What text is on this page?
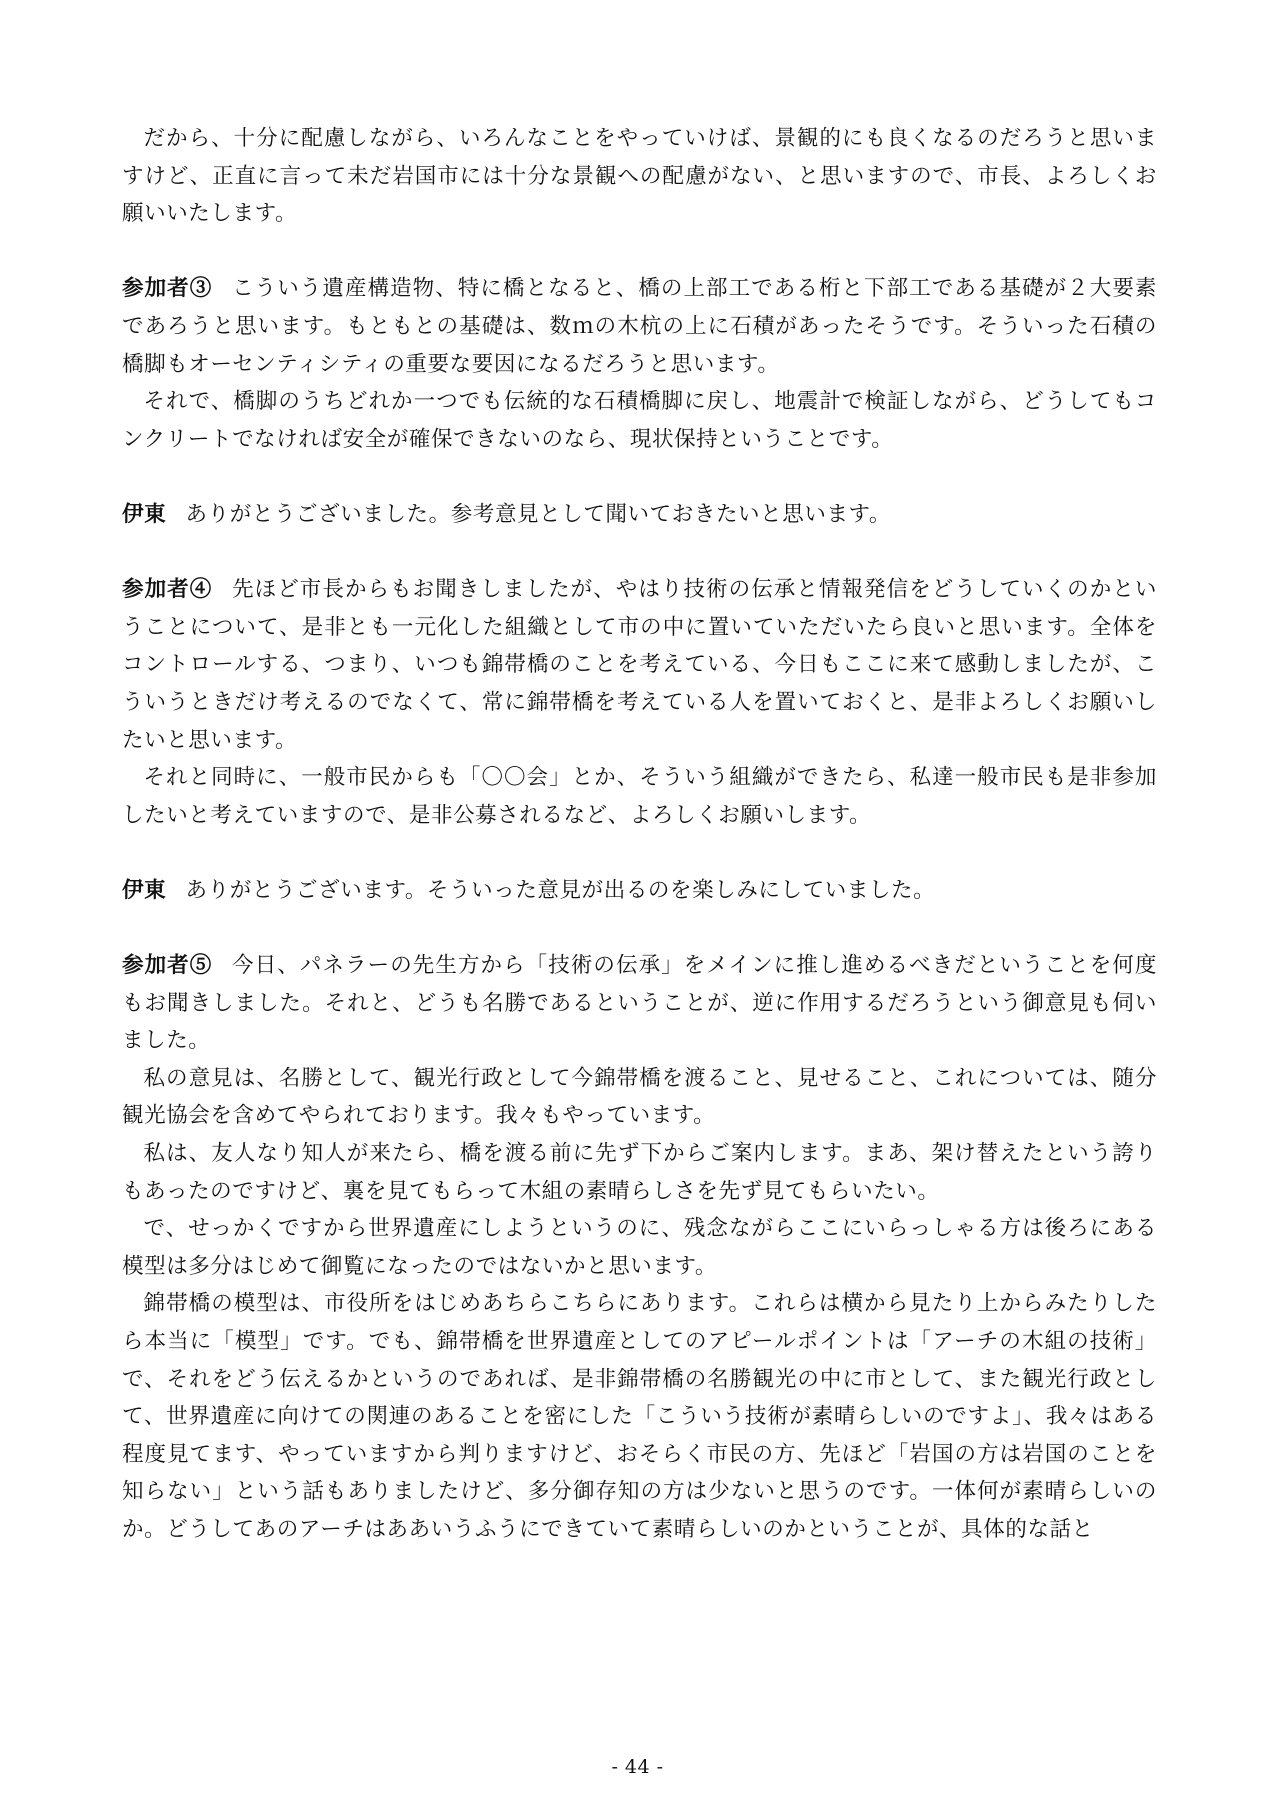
だから、十分に配慮しながら、いろんなことをやっていけば、景観的にも良くなるのだろうと思いますけど、正直に言って未だ岩国市には十分な景観への配慮がない、と思いますので、市長、よろしくお願いいたします。

参加者③ こういう遺産構造物、特に橋となると、橋の上部工である桁と下部工である基礎が２大要素であろうと思います。もともとの基礎は、数ｍの木杭の上に石積があったそうです。そういった石積の橋脚もオーセンティシティの重要な要因になるだろうと思います。

それで、橋脚のうちどれか一つでも伝統的な石積橋脚に戻し、地震計で検証しながら、どうしてもコンクリートでなければ安全が確保できないのなら、現状保持ということです。

伊東 ありがとうございました。参考意見として聞いておきたいと思います。

参加者④ 先ほど市長からもお聞きしましたが、やはり技術の伝承と情報発信をどうしていくのかということについて、是非とも一元化した組織として市の中に置いていただいたら良いと思います。全体をコントロールする、つまり、いつも錦帯橋のことを考えている、今日もここに来て感動しましたが、こういうときだけ考えるのでなくて、常に錦帯橋を考えている人を置いておくと、是非よろしくお願いしたいと思います。

それと同時に、一般市民からも「〇〇会」とか、そういう組織ができたら、私達一般市民も是非参加したいと考えていますので、是非公募されるなど、よろしくお願いします。

伊東 ありがとうございます。そういった意見が出るのを楽しみにしていました。

参加者⑤ 今日、パネラーの先生方から「技術の伝承」をメインに推し進めるべきだということを何度もお聞きしました。それと、どうも名勝であるということが、逆に作用するだろうという御意見も伺いました。

私の意見は、名勝として、観光行政として今錦帯橋を渡ること、見せること、これについては、随分観光協会を含めてやられております。我々もやっています。

私は、友人なり知人が来たら、橋を渡る前に先ず下からご案内します。まあ、架け替えたという誇りもあったのですけど、裏を見てもらって木組の素晴らしさを先ず見てもらいたい。

で、せっかくですから世界遺産にしようというのに、残念ながらここにいらっしゃる方は後ろにある模型は多分はじめて御覧になったのではないかと思います。

錦帯橋の模型は、市役所をはじめあちらこちらにあります。これらは横から見たり上からみたりしたら本当に「模型」です。でも、錦帯橋を世界遺産としてのアピールポイントは「アーチの木組の技術」で、それをどう伝えるかというのであれば、是非錦帯橋の名勝観光の中に市として、また観光行政として、世界遺産に向けての関連のあることを密にした「こういう技術が素晴らしいのですよ」、我々はある程度見てます、やっていますから判りますけど、おそらく市民の方、先ほど「岩国の方は岩国のことを知らない」という話もありましたけど、多分御存知の方は少ないと思うのです。一体何が素晴らしいのか。どうしてあのアーチはああいうふうにできていて素晴らしいのかということが、具体的な話と

- 44 -
